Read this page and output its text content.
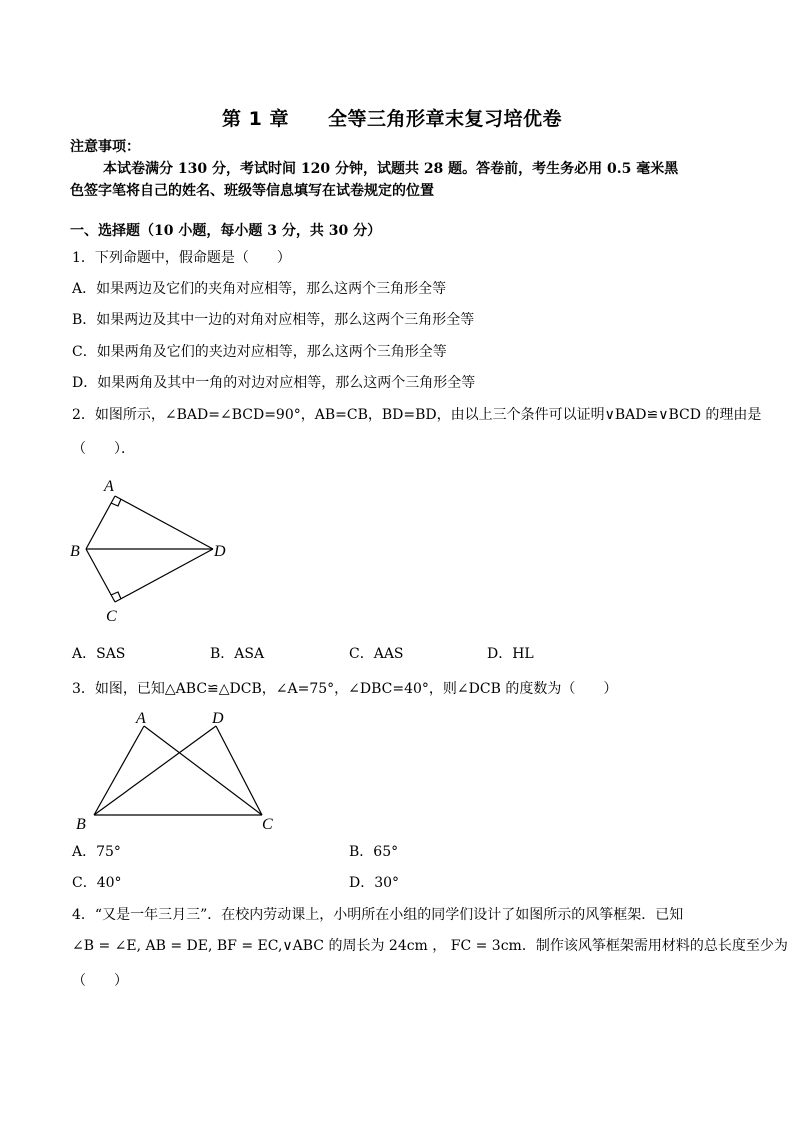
第 1 章　　全等三角形章末复习培优卷
注意事项：
本试卷满分 130 分，考试时间 120 分钟，试题共 28 题。答卷前，考生务必用 0.5 毫米黑
色签字笔将自己的姓名、班级等信息填写在试卷规定的位置
一、选择题（10 小题，每小题 3 分，共 30 分）
1．下列命题中，假命题是（　　）
A．如果两边及它们的夹角对应相等，那么这两个三角形全等
B．如果两边及其中一边的对角对应相等，那么这两个三角形全等
C．如果两角及它们的夹边对应相等，那么这两个三角形全等
D．如果两角及其中一角的对边对应相等，那么这两个三角形全等
2．如图所示，∠BAD=∠BCD=90°，AB=CB，BD=BD，由以上三个条件可以证明∨BAD≌∨BCD 的理由是
（　　）．
A
B
C
D
A．SAS	B．ASA	C．AAS	D．HL
3．如图，已知△ABC≌△DCB，∠A=75°，∠DBC=40°，则∠DCB 的度数为（　　）
A	D
B	C
A．75°	B．65°
C．40°	D．30°
4．“又是一年三月三”．在校内劳动课上，小明所在小组的同学们设计了如图所示的风筝框架．已知
∠B = ∠E, AB = DE, BF = EC,∨ABC 的周长为 24cm ， FC = 3cm．制作该风筝框架需用材料的总长度至少为
（　　）
